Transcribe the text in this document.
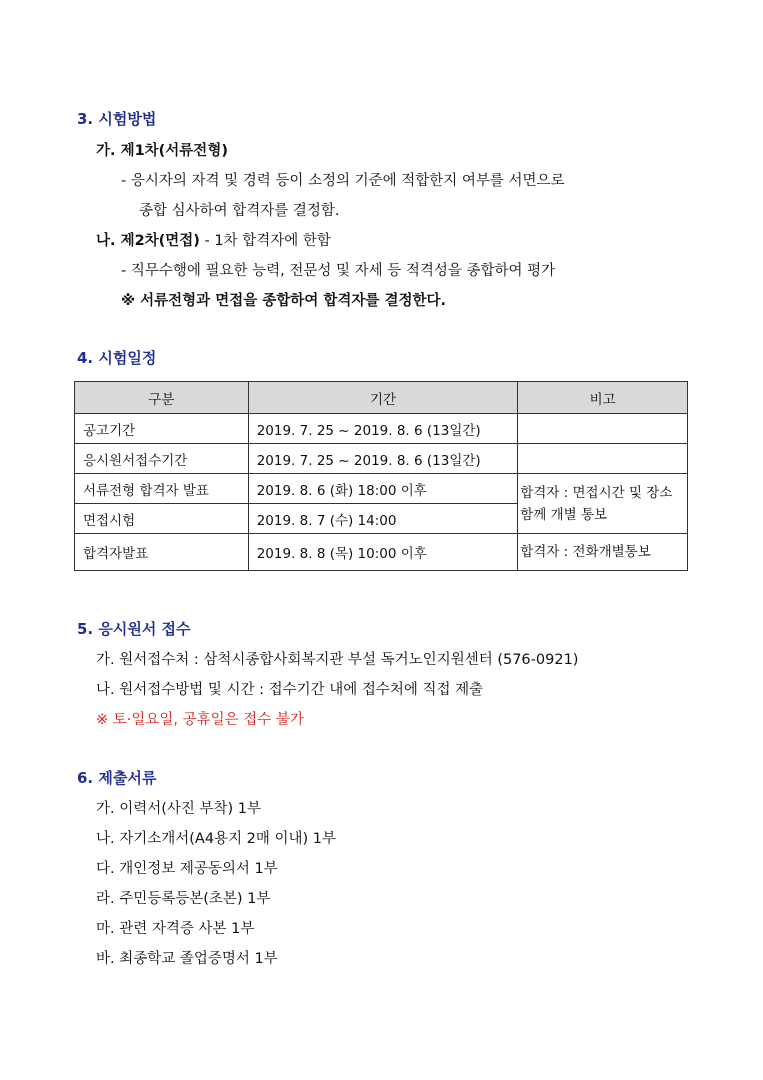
3. 시험방법
가. 제1차(서류전형)
- 응시자의 자격 및 경력 등이 소정의 기준에 적합한지 여부를 서면으로
종합 심사하여 합격자를 결정함.
나. 제2차(면접) - 1차 합격자에 한함
- 직무수행에 필요한 능력, 전문성 및 자세 등 적격성을 종합하여 평가
※ 서류전형과 면접을 종합하여 합격자를 결정한다.
4. 시험일정
구분	기간	비고
공고기간	2019. 7. 25 ~ 2019. 8. 6 (13일간)	
응시원서접수기간	2019. 7. 25 ~ 2019. 8. 6 (13일간)	
서류전형 합격자 발표	2019. 8. 6 (화) 18:00 이후	합격자 : 면접시간 및 장소 함께 개별 통보
면접시험	2019. 8. 7 (수) 14:00	
합격자발표	2019. 8. 8 (목) 10:00 이후	합격자 : 전화개별통보
5. 응시원서 접수
가. 원서접수처 : 삼척시종합사회복지관 부설 독거노인지원센터 (576-0921)
나. 원서접수방법 및 시간 : 접수기간 내에 접수처에 직접 제출
※ 토·일요일, 공휴일은 접수 불가
6. 제출서류
가. 이력서(사진 부착) 1부
나. 자기소개서(A4용지 2매 이내) 1부
다. 개인정보 제공동의서 1부
라. 주민등록등본(초본) 1부
마. 관련 자격증 사본 1부
바. 최종학교 졸업증명서 1부
